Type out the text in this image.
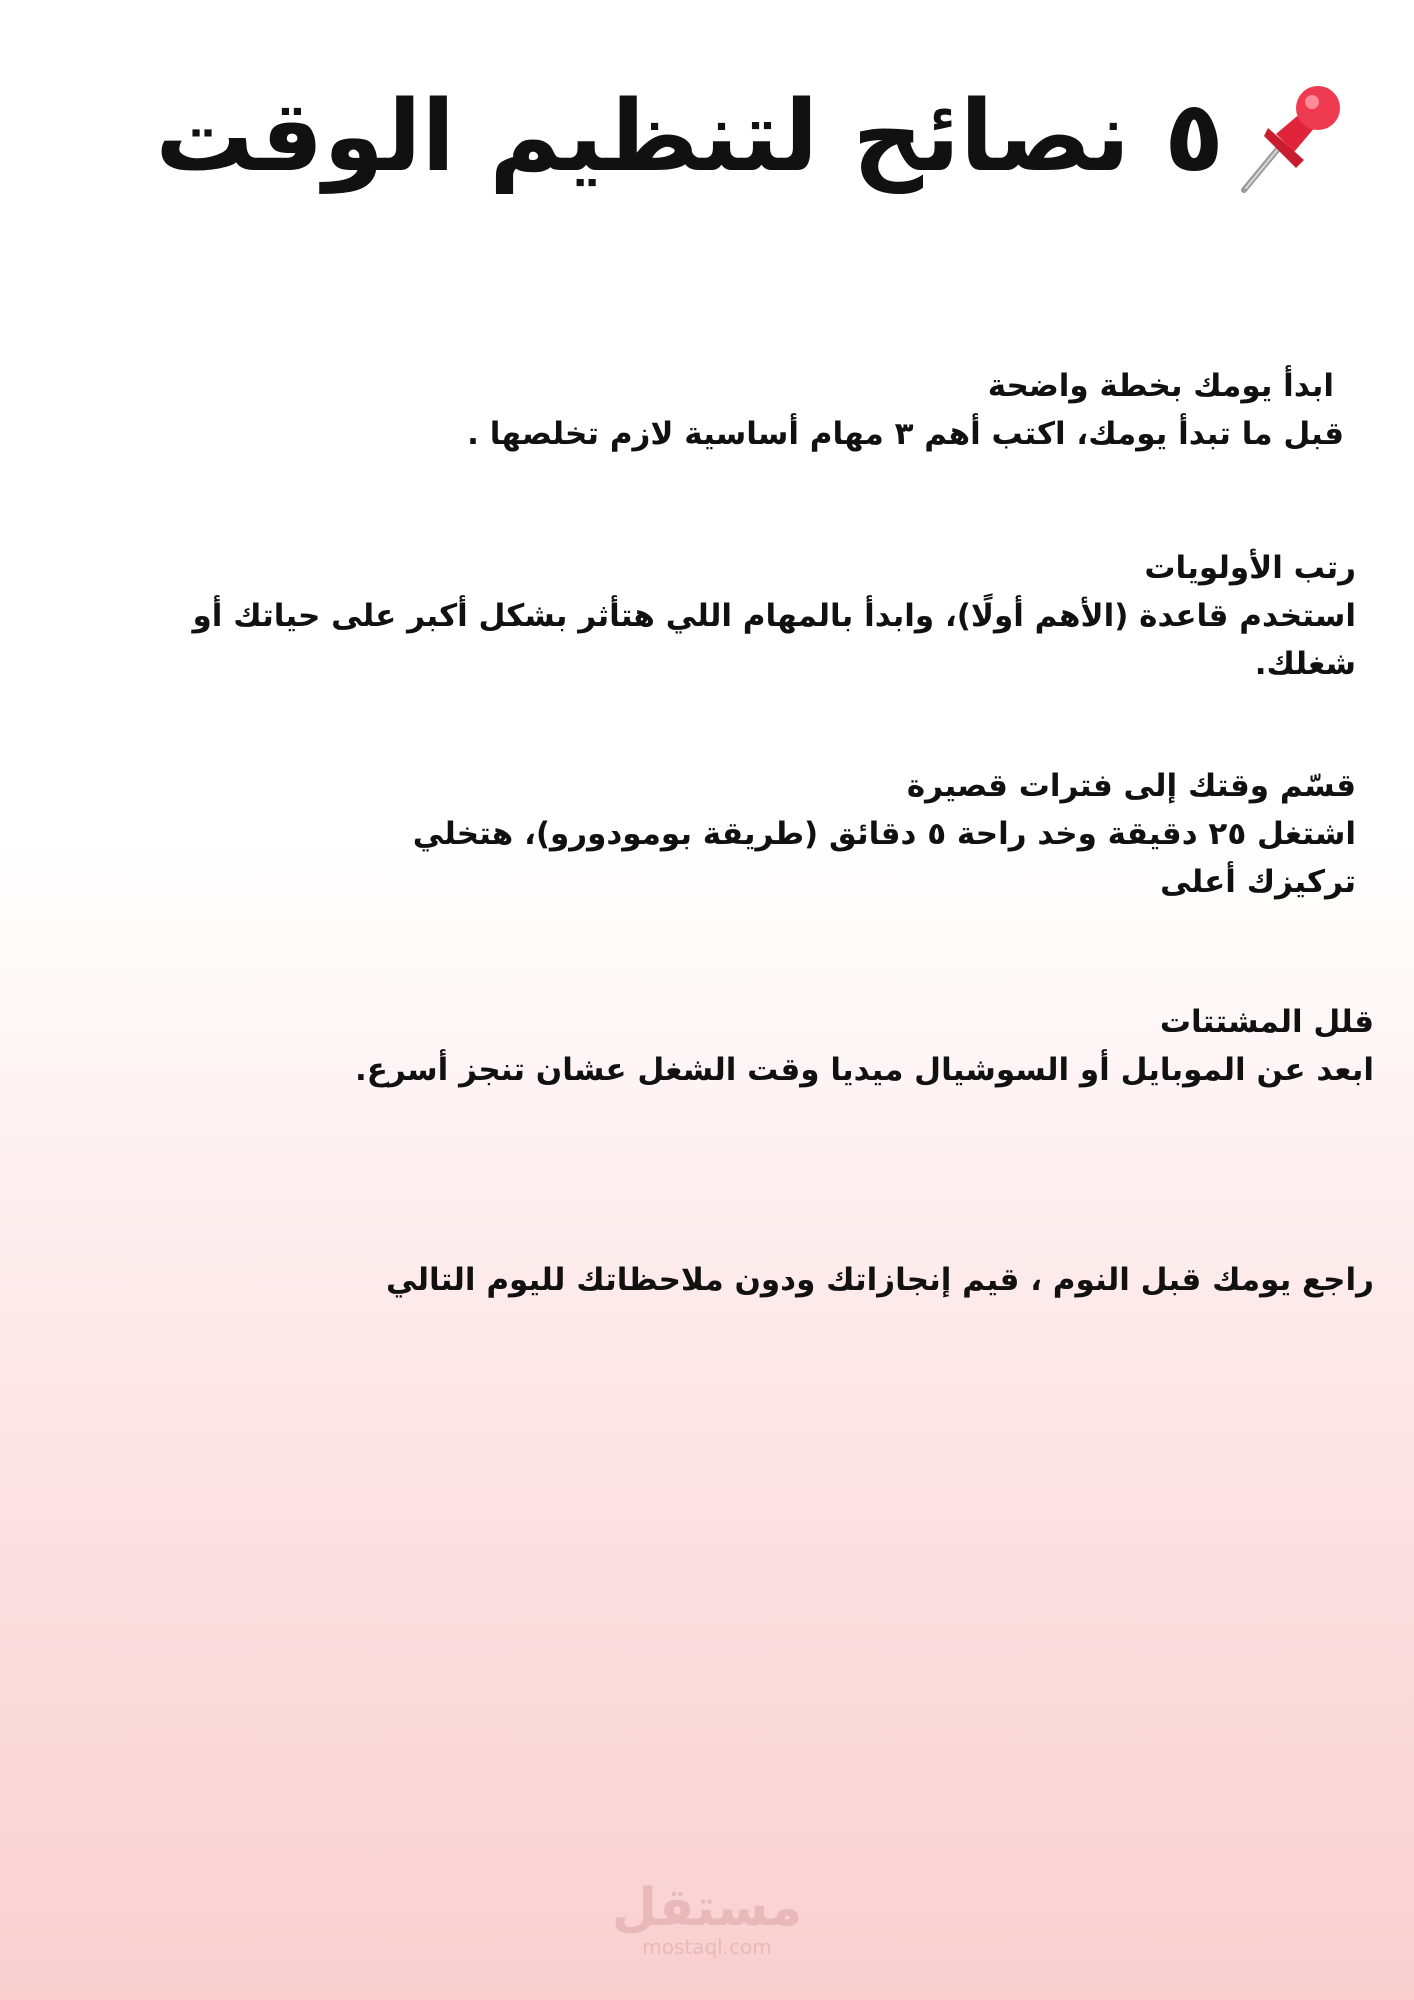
٥ نصائح لتنظيم الوقت
ابدأ يومك بخطة واضحة
قبل ما تبدأ يومك، اكتب أهم ٣ مهام أساسية لازم تخلصها .
رتب الأولويات
استخدم قاعدة (الأهم أولًا)، وابدأ بالمهام اللي هتأثر بشكل أكبر على حياتك أو شغلك.
قسّم وقتك إلى فترات قصيرة
اشتغل ٢٥ دقيقة وخد راحة ٥ دقائق (طريقة بومودورو)، هتخلي تركيزك أعلى
قلل المشتتات
ابعد عن الموبايل أو السوشيال ميديا وقت الشغل عشان تنجز أسرع.
راجع يومك قبل النوم ، قيم إنجازاتك ودون ملاحظاتك لليوم التالي
مستقل
mostaql.com
